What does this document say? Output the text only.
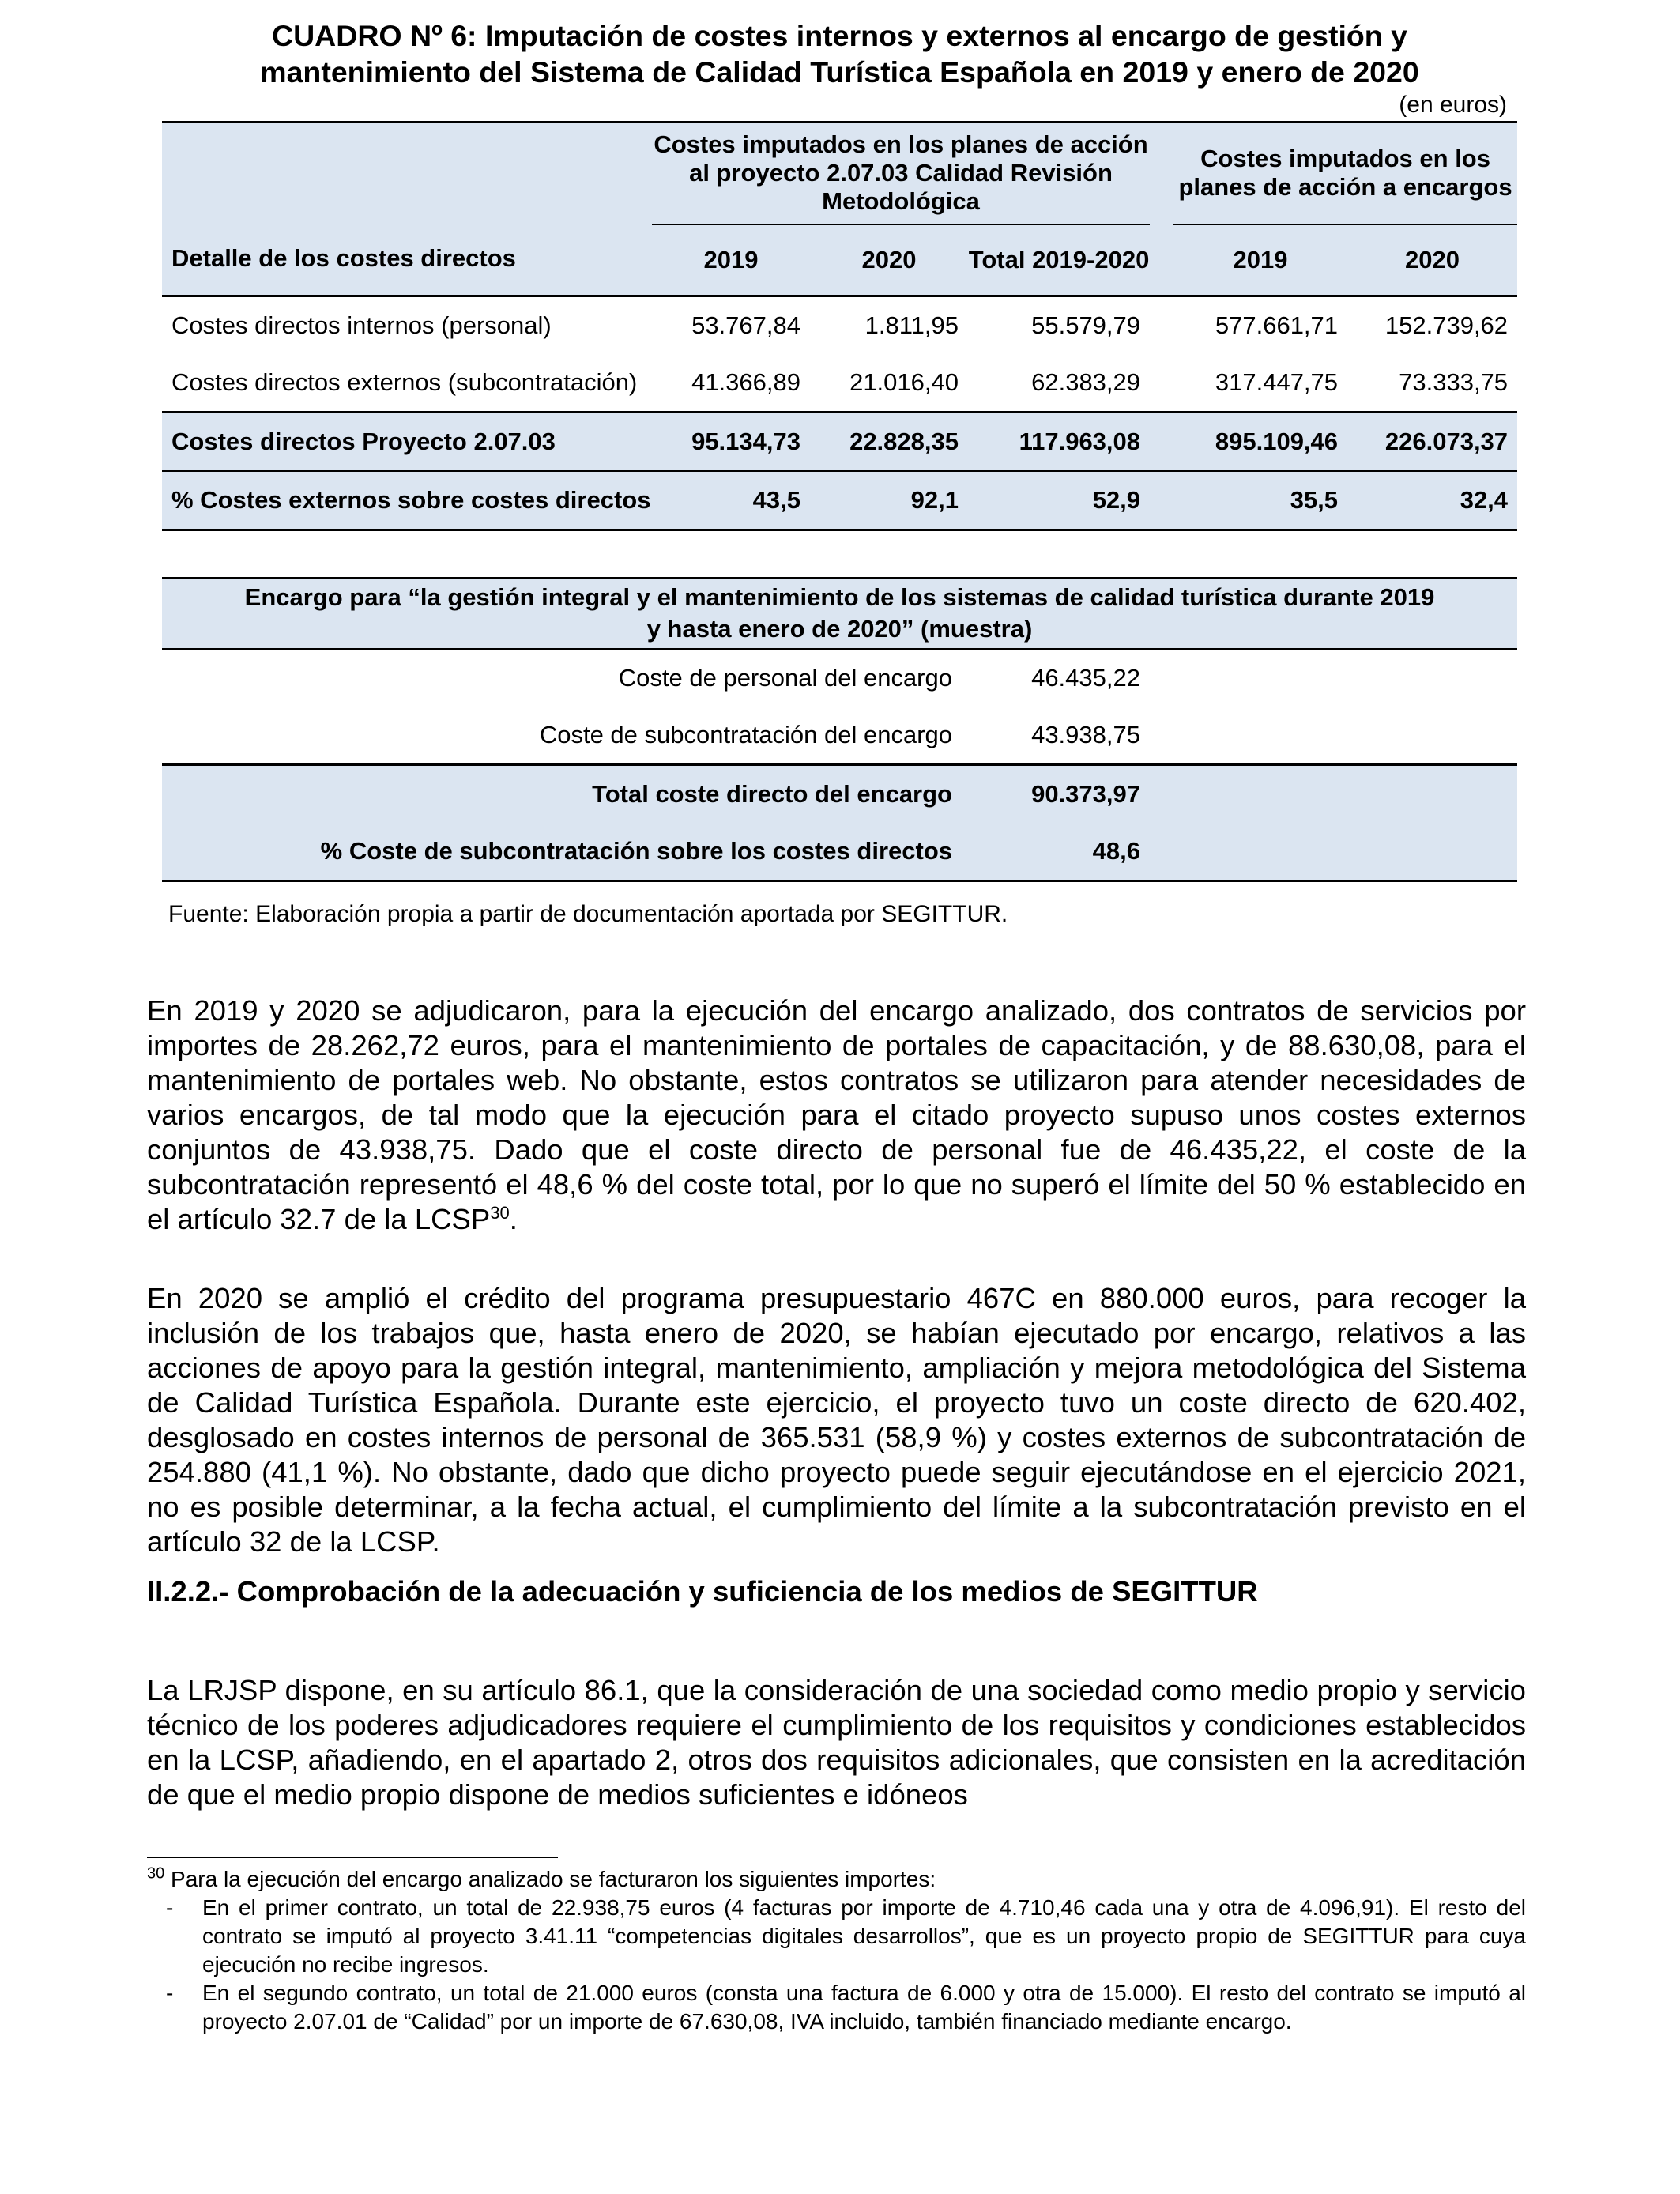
CUADRO Nº 6: Imputación de costes internos y externos al encargo de gestión y
mantenimiento del Sistema de Calidad Turística Española en 2019 y enero de 2020
(en euros)
Detalle de los costes directos	Costes imputados en los planes de acción al proyecto 2.07.03 Calidad Revisión Metodológica				Costes imputados en los planes de acción a encargos	
	2019	2020	Total 2019-2020		2019	2020
Costes directos internos (personal)	53.767,84	1.811,95	55.579,79		577.661,71	152.739,62
Costes directos externos (subcontratación)	41.366,89	21.016,40	62.383,29		317.447,75	73.333,75
Costes directos Proyecto 2.07.03	95.134,73	22.828,35	117.963,08		895.109,46	226.073,37
% Costes externos sobre costes directos	43,5	92,1	52,9		35,5	32,4
Encargo para “la gestión integral y el mantenimiento de los sistemas de calidad turística durante 2019
y hasta enero de 2020” (muestra)		

Coste de personal del encargo	46.435,22	
Coste de subcontratación del encargo	43.938,75	
Total coste directo del encargo	90.373,97	
% Coste de subcontratación sobre los costes directos	48,6	
Fuente: Elaboración propia a partir de documentación aportada por SEGITTUR.

En 2019 y 2020 se adjudicaron, para la ejecución del encargo analizado, dos contratos de servicios por importes de 28.262,72 euros, para el mantenimiento de portales de capacitación, y de 88.630,08, para el mantenimiento de portales web. No obstante, estos contratos se utilizaron para atender necesidades de varios encargos, de tal modo que la ejecución para el citado proyecto supuso unos costes externos conjuntos de 43.938,75. Dado que el coste directo de personal fue de 46.435,22, el coste de la subcontratación representó el 48,6 % del coste total, por lo que no superó el límite del 50 % establecido en el artículo 32.7 de la LCSP$^{30}$.

En 2020 se amplió el crédito del programa presupuestario 467C en 880.000 euros, para recoger la inclusión de los trabajos que, hasta enero de 2020, se habían ejecutado por encargo, relativos a las acciones de apoyo para la gestión integral, mantenimiento, ampliación y mejora metodológica del Sistema de Calidad Turística Española. Durante este ejercicio, el proyecto tuvo un coste directo de 620.402, desglosado en costes internos de personal de 365.531 (58,9 %) y costes externos de subcontratación de 254.880 (41,1 %). No obstante, dado que dicho proyecto puede seguir ejecutándose en el ejercicio 2021, no es posible determinar, a la fecha actual, el cumplimiento del límite a la subcontratación previsto en el artículo 32 de la LCSP.

II.2.2.- Comprobación de la adecuación y suficiencia de los medios de SEGITTUR

La LRJSP dispone, en su artículo 86.1, que la consideración de una sociedad como medio propio y servicio técnico de los poderes adjudicadores requiere el cumplimiento de los requisitos y condiciones establecidos en la LCSP, añadiendo, en el apartado 2, otros dos requisitos adicionales, que consisten en la acreditación de que el medio propio dispone de medios suficientes e idóneos

$^{30}$ Para la ejecución del encargo analizado se facturaron los siguientes importes:
- En el primer contrato, un total de 22.938,75 euros (4 facturas por importe de 4.710,46 cada una y otra de 4.096,91). El resto del contrato se imputó al proyecto 3.41.11 “competencias digitales desarrollos”, que es un proyecto propio de SEGITTUR para cuya ejecución no recibe ingresos.
- En el segundo contrato, un total de 21.000 euros (consta una factura de 6.000 y otra de 15.000). El resto del contrato se imputó al proyecto 2.07.01 de “Calidad” por un importe de 67.630,08, IVA incluido, también financiado mediante encargo.
